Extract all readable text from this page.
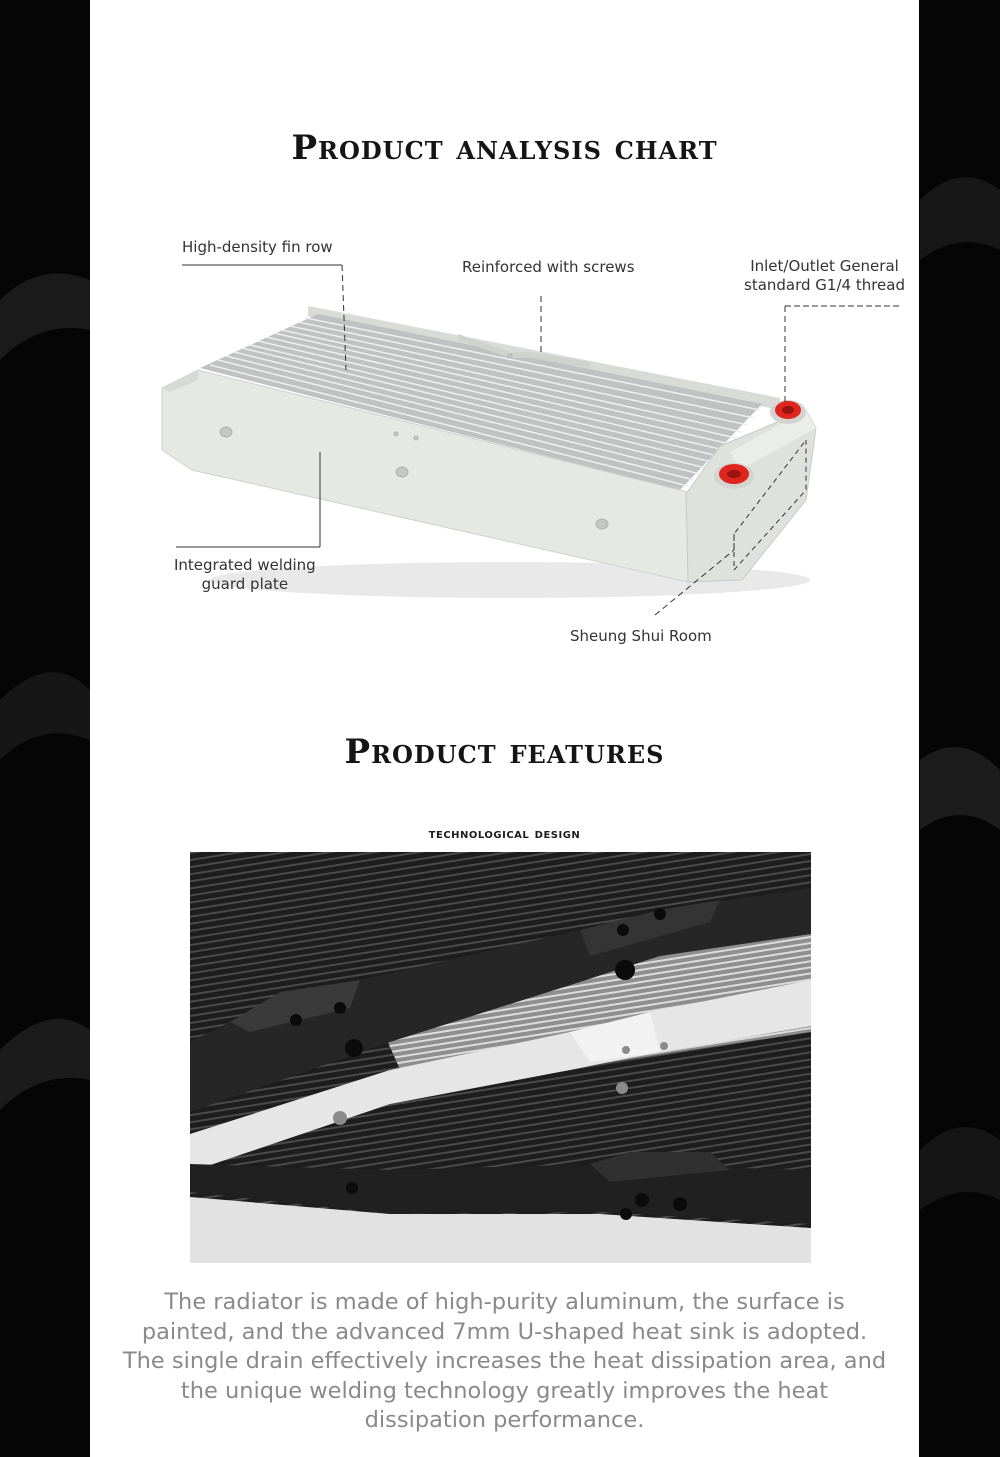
Product analysis chart
High-density fin row
Reinforced with screws	Inlet/Outlet General
standard G1/4 thread
Integrated welding
guard plate
Sheung Shui Room
Product features
technological design
The radiator is made of high-purity aluminum, the surface is painted, and the advanced 7mm U-shaped heat sink is adopted. The single drain effectively increases the heat dissipation area, and the unique welding technology greatly improves the heat dissipation performance.
